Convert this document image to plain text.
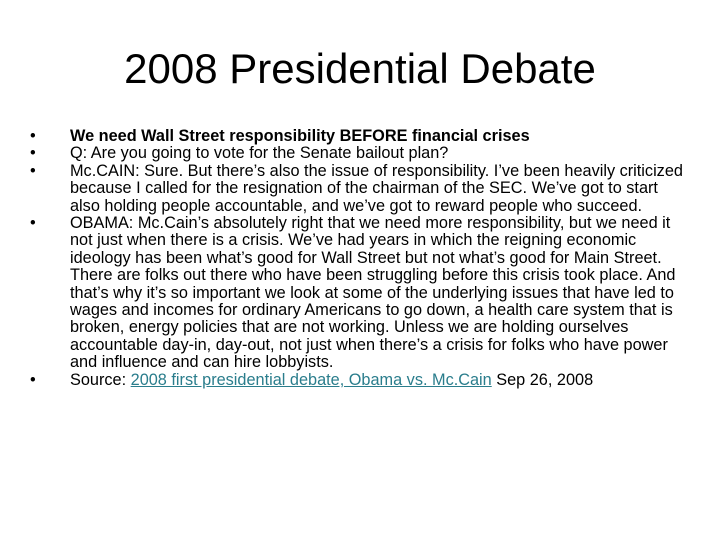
2008 Presidential Debate
•	We need Wall Street responsibility BEFORE financial crises
•	Q: Are you going to vote for the Senate bailout plan?
•	Mc.CAIN: Sure. But there’s also the issue of responsibility. I’ve been heavily criticized because I called for the resignation of the chairman of the SEC. We’ve got to start also holding people accountable, and we’ve got to reward people who succeed.
•	OBAMA: Mc.Cain’s absolutely right that we need more responsibility, but we need it not just when there is a crisis. We’ve had years in which the reigning economic ideology has been what’s good for Wall Street but not what’s good for Main Street. There are folks out there who have been struggling before this crisis took place. And that’s why it’s so important we look at some of the underlying issues that have led to wages and incomes for ordinary Americans to go down, a health care system that is broken, energy policies that are not working. Unless we are holding ourselves accountable day-in, day-out, not just when there’s a crisis for folks who have power and influence and can hire lobbyists.
•	Source: 2008 first presidential debate, Obama vs. Mc.Cain Sep 26, 2008
